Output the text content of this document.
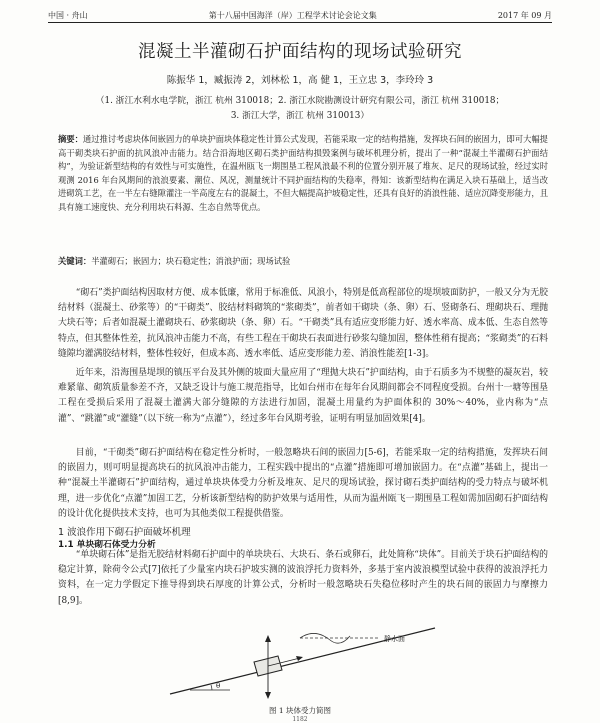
中国 · 舟山	第十八届中国海洋（岸）工程学术讨论会论文集	2017 年 09 月
混凝土半灌砌石护面结构的现场试验研究
陈振华 1，臧振涛 2，刘林松 1，高 健 1，王立忠 3，李玲玲 3
（1. 浙江水利水电学院，浙江 杭州 310018；2. 浙江水院勘测设计研究有限公司，浙江 杭州 310018；
3. 浙江大学，浙江 杭州 310013）
摘要：通过推讨考虑块体间嵌固力的单块护面块体稳定性计算公式发现，若能采取一定的结构措施，发挥块石间的嵌固力，即可大幅提高干砌类块石护面的抗风浪冲击能力。结合沿海地区砌石类护面结构损毁案例与破坏机理分析，提出了一种“混凝土半灌砌石护面结构”，为验证新型结构的有效性与可实施性，在温州瓯飞一期围垦工程风浪最不利的位置分别开展了堆灰、足尺的现场试验，经过实时观测 2016 年台风期间的浪浪要素、潮位、风况，测量统计不同护面结构的失稳率，得知：该新型结构在满足入块石基础上，适当改进砌筑工艺，在一半左右缝隙灌注一半高度左右的混凝土，不但大幅提高护坡稳定性，还具有良好的消浪性能、适应沉降变形能力，且具有施工速度快、充分利用块石料源、生态自然等优点。
关键词：半灌砌石；嵌固力；块石稳定性；消浪护面；现场试验
“砌石”类护面结构因取材方便、成本低廉，常用于标准低、风浪小，特别是低高程部位的堤坝坡面防护，一般又分为无胶结材料（混凝土、砂浆等）的“干砌类”、胶结材料砌筑的“浆砌类”，前者如干砌块（条、卵）石、竖砌条石、理砌块石、理抛大块石等；后者如混凝土灌砌块石、砂浆砌块（条、卵）石。“干砌类”具有适应变形能力好、透水率高、成本低、生态自然等特点，但其整体性差，抗风浪冲击能力不高，有些工程在干砌块石表面进行砂浆勾缝加固，整体性稍有提高；“浆砌类”的石料缝隙均灌满胶结材料，整体性较好，但成本高、透水率低、适应变形能力差、消浪性能差[1-3]。
近年来，沿海围垦堤坝的镇压平台及其外侧的坡面大量应用了“理抛大块石”护面结构，由于石质多为不规整的凝灰岩，较难紧靠、砌筑质量参差不齐，又缺乏设计与施工规范指导，比如台州市在每年台风期间都会不同程度受损。台州十一塘等围垦工程在受损后采用了混凝土灌满大部分缝隙的方法进行加固，混凝土用量约为护面体积的 30%～40%，业内称为“点灌”、“跳灌”或“灌缝”（以下统一称为“点灌”），经过多年台风期考验，证明有明显加固效果[4]。
目前，“干砌类”砌石护面结构在稳定性分析时，一般忽略块石间的嵌固力[5-6]，若能采取一定的结构措施，发挥块石间的嵌固力，则可明显提高块石的抗风浪冲击能力，工程实践中提出的“点灌”措施即可增加嵌固力。在“点灌”基础上，提出一种“混凝土半灌砌石”护面结构，通过单块块体受力分析及堆灰、足尺的现场试验，探讨砌石类护面结构的受力特点与破坏机理，进一步优化“点灌”加固工艺，分析该新型结构的防护效果与适用性，从而为温州瓯飞一期围垦工程如需加固砌石护面结构的设计优化提供技术支持，也可为其他类似工程提供借鉴。
1 波浪作用下砌石护面破坏机理
1.1 单块砌石体受力分析
“单块砌石体”是指无胶结材料砌石护面中的单块块石、大块石、条石或卵石，此处简称“块体”。目前关于块石护面结构的稳定计算，除荷令公式[7]依托了少量室内块石护坡实测的波浪浮托力资料外，多基于室内波浪模型试验中获得的波浪浮托力资料，在一定力学假定下推导得到块石厚度的计算公式，分析时一般忽略块石失稳位移时产生的块石间的嵌固力与摩擦力[8,9]。
静水面
θ
图 1 块体受力简图
1182
